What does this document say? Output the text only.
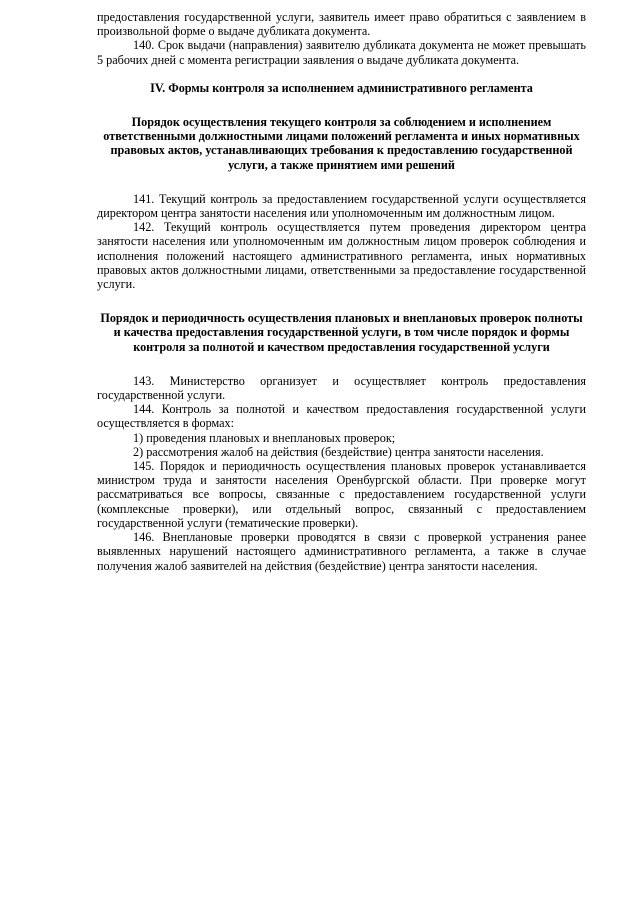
предоставления государственной услуги, заявитель имеет право обратиться с заявлением в произвольной форме о выдаче дубликата документа.

140. Срок выдачи (направления) заявителю дубликата документа не может превышать 5 рабочих дней с момента регистрации заявления о выдаче дубликата документа.

IV. Формы контроля за исполнением административного регламента

Порядок осуществления текущего контроля за соблюдением и исполнением ответственными должностными лицами положений регламента и иных нормативных правовых актов, устанавливающих требования к предоставлению государственной услуги, а также принятием ими решений

141. Текущий контроль за предоставлением государственной услуги осуществляется директором центра занятости населения или уполномоченным им должностным лицом.

142. Текущий контроль осуществляется путем проведения директором центра занятости населения или уполномоченным им должностным лицом проверок соблюдения и исполнения положений настоящего административного регламента, иных нормативных правовых актов должностными лицами, ответственными за предоставление государственной услуги.

Порядок и периодичность осуществления плановых и внеплановых проверок полноты и качества предоставления государственной услуги, в том числе порядок и формы контроля за полнотой и качеством предоставления государственной услуги

143. Министерство организует и осуществляет контроль предоставления государственной услуги.

144. Контроль за полнотой и качеством предоставления государственной услуги осуществляется в формах:

1) проведения плановых и внеплановых проверок;

2) рассмотрения жалоб на действия (бездействие) центра занятости населения.

145. Порядок и периодичность осуществления плановых проверок устанавливается министром труда и занятости населения Оренбургской области. При проверке могут рассматриваться все вопросы, связанные с предоставлением государственной услуги (комплексные проверки), или отдельный вопрос, связанный с предоставлением государственной услуги (тематические проверки).

146. Внеплановые проверки проводятся в связи с проверкой устранения ранее выявленных нарушений настоящего административного регламента, а также в случае получения жалоб заявителей на действия (бездействие) центра занятости населения.
